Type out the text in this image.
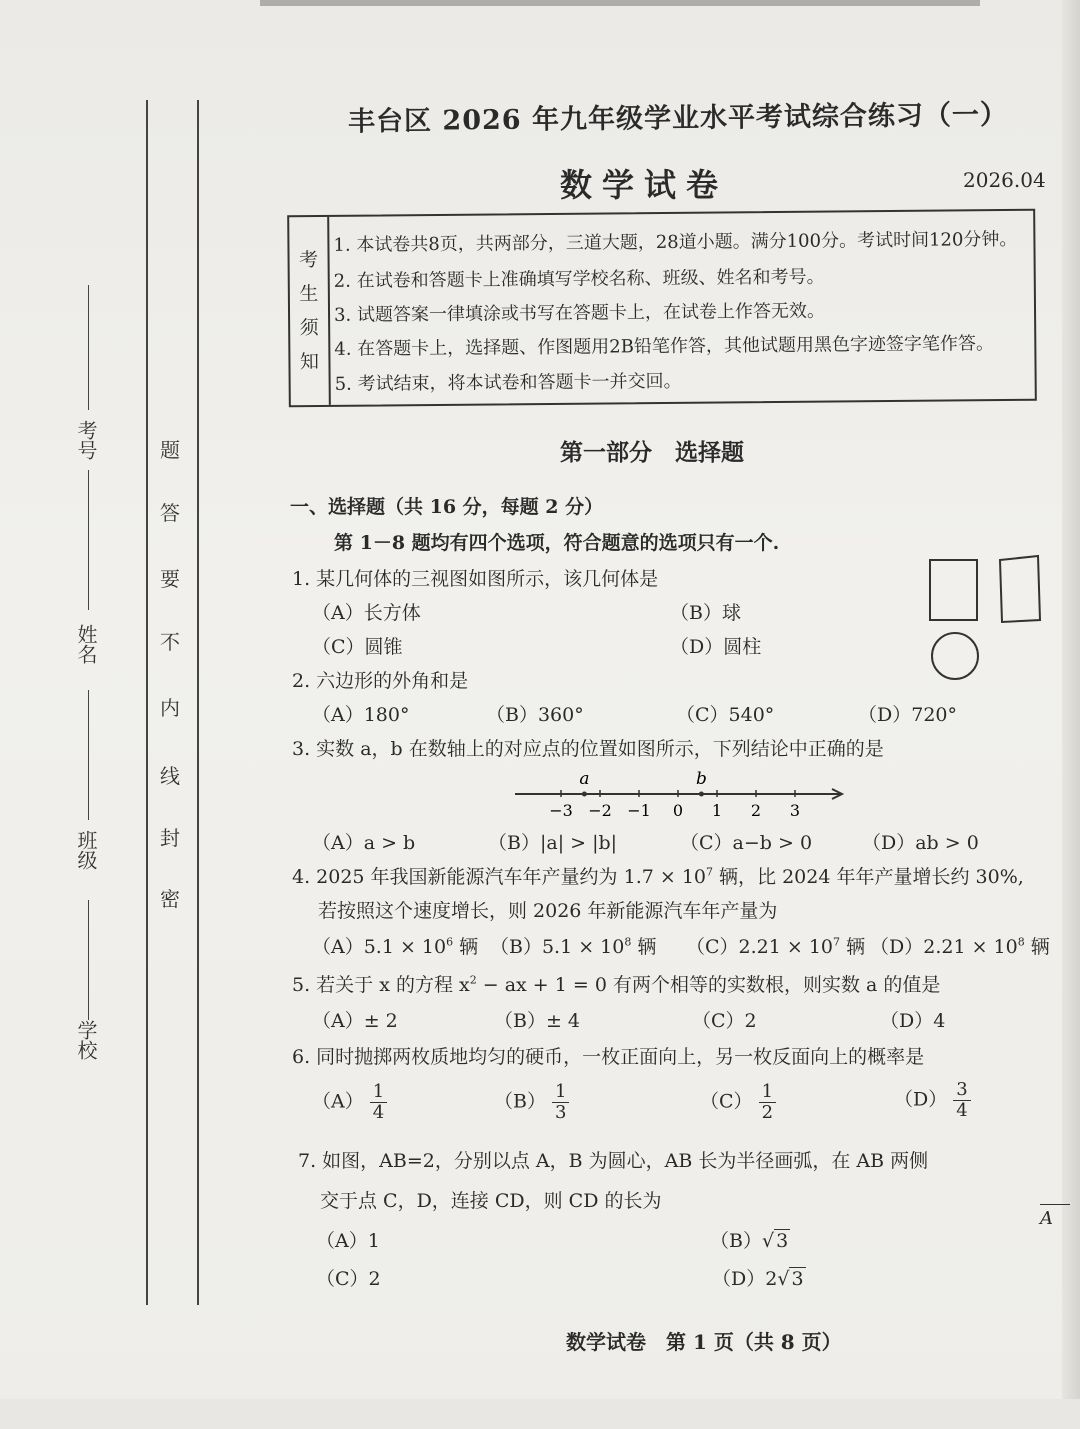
学校
班级
姓名
考号
密
封
线
内
不
要
答
题
丰台区 2026 年九年级学业水平考试综合练习（一）
数学试卷	2026.04
考
生
须
知
1. 本试卷共8页，共两部分，三道大题，28道小题。满分100分。考试时间120分钟。
2. 在试卷和答题卡上准确填写学校名称、班级、姓名和考号。
3. 试题答案一律填涂或书写在答题卡上，在试卷上作答无效。
4. 在答题卡上，选择题、作图题用2B铅笔作答，其他试题用黑色字迹签字笔作答。
5. 考试结束，将本试卷和答题卡一并交回。
第一部分　选择题
一、选择题（共 16 分，每题 2 分）
第 1－8 题均有四个选项，符合题意的选项只有一个.
1. 某几何体的三视图如图所示，该几何体是
（A）长方体	（B）球
（C）圆锥	（D）圆柱
2. 六边形的外角和是
（A）180°	（B）360°	（C）540°	（D）720°
3. 实数 a，b 在数轴上的对应点的位置如图所示，下列结论中正确的是
−3 −2 −1 0 1 2 3
a	b
（A）a > b	（B）|a| > |b|	（C）a−b > 0	（D）ab > 0
4. 2025 年我国新能源汽车年产量约为 $1.7 \times 10^7$ 辆，比 2024 年年产量增长约 30%,
若按照这个速度增长，则 2026 年新能源汽车年产量为
$(A)5.1 \times 10^6$ 辆 $(B)5.1 \times 10^8$ 辆 $(C)2.21 \times 10^7$ 辆 $(D)2.21 \times 10^8$ 辆
5. 若关于 x 的方程 $x^2$ − ax + 1 = 0 有两个相等的实数根，则实数 a 的值是
（A）± 2	（B）± 4	（C）2	（D）4
6. 同时抛掷两枚质地均匀的硬币，一枚正面向上，另一枚反面向上的概率是
$(A) \frac{1}{4}$	$(B) \frac{1}{3}$	$(C) \frac{1}{2}$	$(D) \frac{3}{4}$
7. 如图，AB=2，分别以点 A，B 为圆心，AB 长为半径画弧，在 AB 两侧
交于点 C，D，连接 CD，则 CD 的长为
（A）1	（B）√ 3
（C）2	（D）2√ 3
A
数学试卷　第 1 页（共 8 页）
